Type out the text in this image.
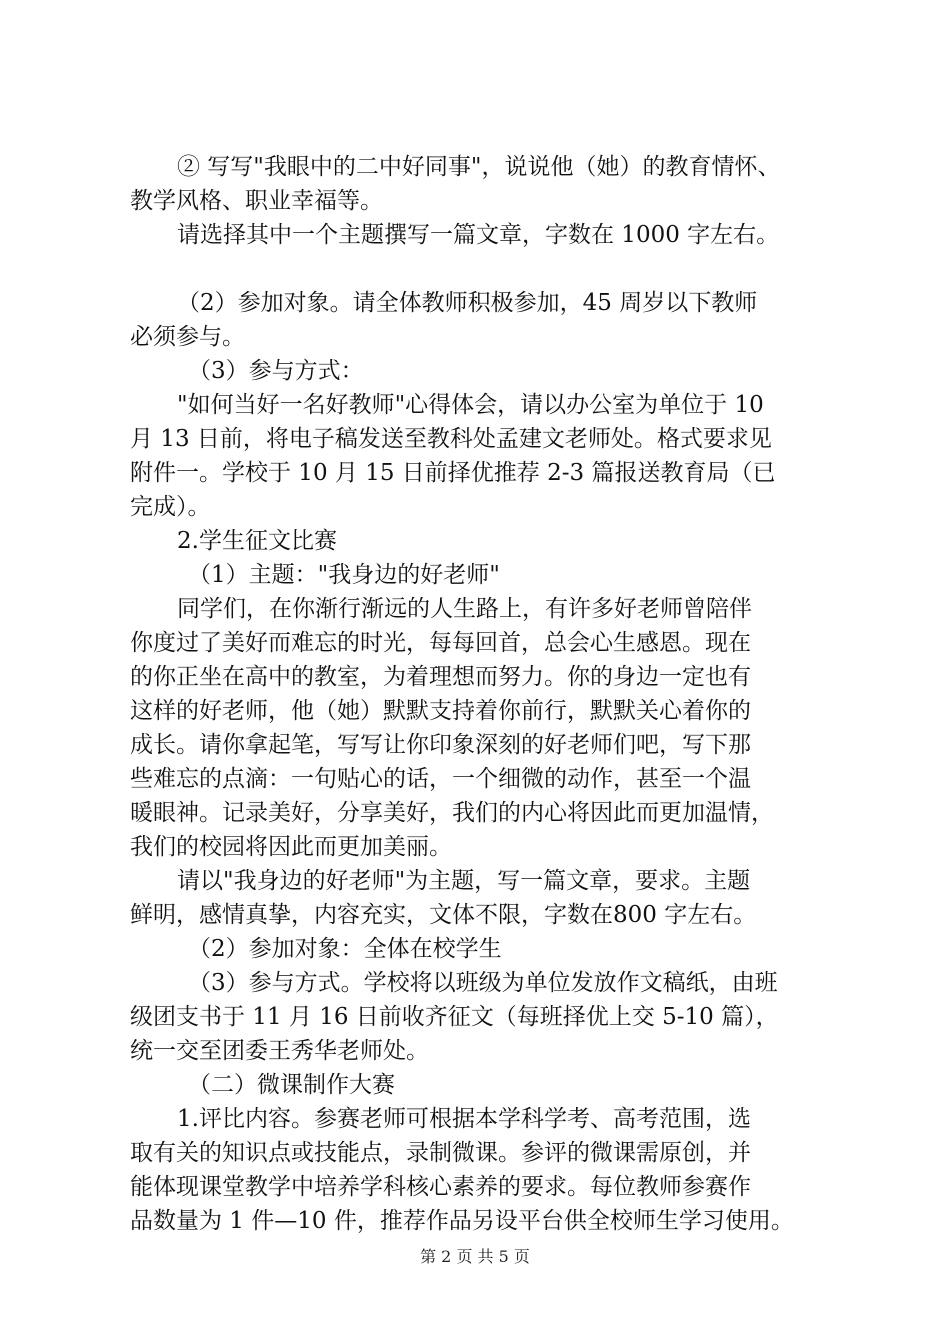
② 写写"我眼中的二中好同事"，说说他（她）的教育情怀、
教学风格、职业幸福等。
请选择其中一个主题撰写一篇文章，字数在 1000 字左右。
（2）参加对象。请全体教师积极参加，45 周岁以下教师
必须参与。
（3）参与方式：
"如何当好一名好教师"心得体会，请以办公室为单位于 10
月 13 日前，将电子稿发送至教科处孟建文老师处。格式要求见
附件一。学校于 10 月 15 日前择优推荐 2-3 篇报送教育局（已
完成）。
2.学生征文比赛
（1）主题："我身边的好老师"
同学们，在你渐行渐远的人生路上，有许多好老师曾陪伴
你度过了美好而难忘的时光，每每回首，总会心生感恩。现在
的你正坐在高中的教室，为着理想而努力。你的身边一定也有
这样的好老师，他（她）默默支持着你前行，默默关心着你的
成长。请你拿起笔，写写让你印象深刻的好老师们吧，写下那
些难忘的点滴：一句贴心的话，一个细微的动作，甚至一个温
暖眼神。记录美好，分享美好，我们的内心将因此而更加温情，
我们的校园将因此而更加美丽。
请以"我身边的好老师"为主题，写一篇文章，要求。主题
鲜明，感情真挚，内容充实，文体不限，字数在800 字左右。
（2）参加对象：全体在校学生
（3）参与方式。学校将以班级为单位发放作文稿纸，由班
级团支书于 11 月 16 日前收齐征文（每班择优上交 5-10 篇），
统一交至团委王秀华老师处。
（二）微课制作大赛
1.评比内容。参赛老师可根据本学科学考、高考范围，选
取有关的知识点或技能点，录制微课。参评的微课需原创，并
能体现课堂教学中培养学科核心素养的要求。每位教师参赛作
品数量为 1 件—10 件，推荐作品另设平台供全校师生学习使用。
第 2 页 共 5 页
